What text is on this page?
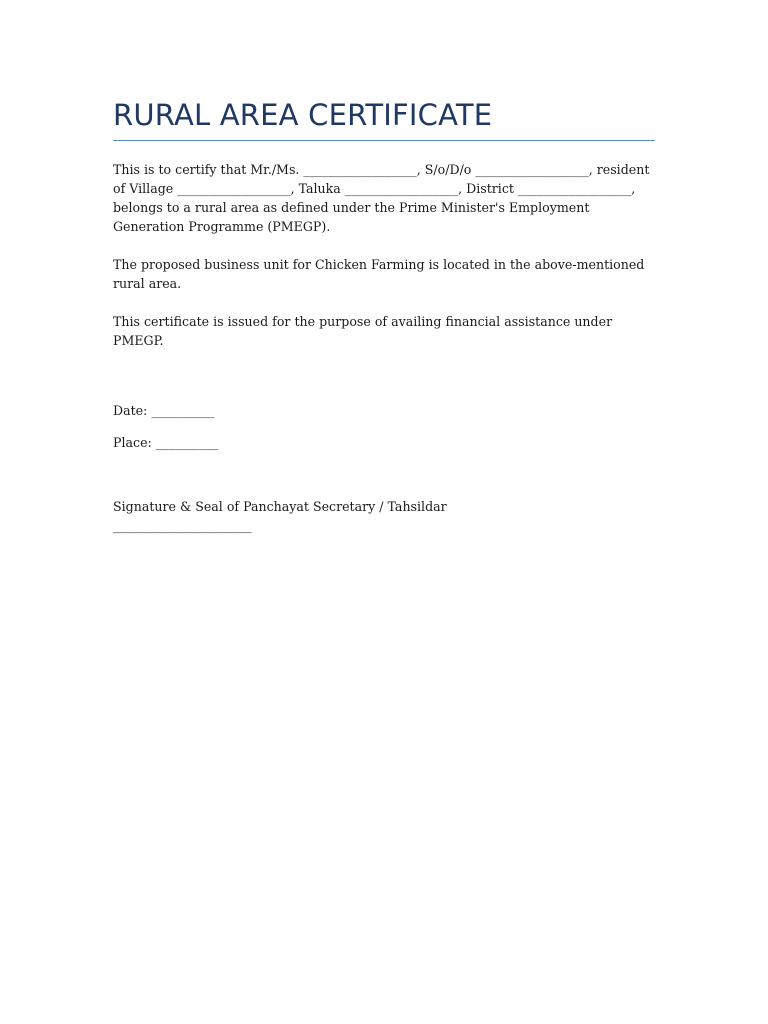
RURAL AREA CERTIFICATE

This is to certify that Mr./Ms. __________________, S/o/D/o __________________, resident of Village __________________, Taluka __________________, District __________________, belongs to a rural area as defined under the Prime Minister's Employment Generation Programme (PMEGP).

The proposed business unit for Chicken Farming is located in the above-mentioned rural area.

This certificate is issued for the purpose of availing financial assistance under PMEGP.

Date: __________

Place: __________

Signature & Seal of Panchayat Secretary / Tahsildar

__________________________
